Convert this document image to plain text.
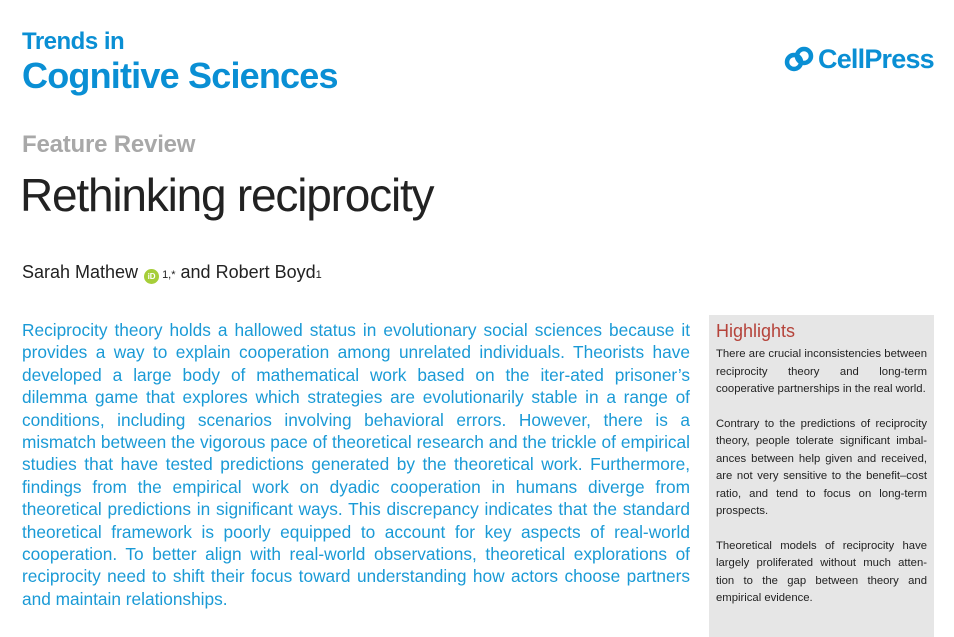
Trends in
Cognitive Sciences	CellPress
Feature Review
Rethinking reciprocity
Sarah Mathew	iD 1,* and Robert Boyd 1
Reciprocity theory holds a hallowed status in evolutionary social sciences because it provides a way to explain cooperation among unrelated individuals. Theorists have developed a large body of mathematical work based on the iter-ated prisoner’s dilemma game that explores which strategies are evolutionarily stable in a range of conditions, including scenarios involving behavioral errors. However, there is a mismatch between the vigorous pace of theoretical research and the trickle of empirical studies that have tested predictions generated by the theoretical work. Furthermore, findings from the empirical work on dyadic cooperation in humans diverge from theoretical predictions in significant ways. This discrepancy indicates that the standard theoretical framework is poorly equipped to account for key aspects of real-world cooperation. To better align with real-world observations, theoretical explorations of reciprocity need to shift their focus toward understanding how actors choose partners and maintain relationships.
Highlights

There are crucial inconsistencies between reciprocity theory and long-term cooperative partnerships in the real world.

Contrary to the predictions of reciprocity theory, people tolerate significant imbal-ances between help given and received, are not very sensitive to the benefit–cost ratio, and tend to focus on long-term prospects.

Theoretical models of reciprocity have largely proliferated without much atten-tion to the gap between theory and empirical evidence.
